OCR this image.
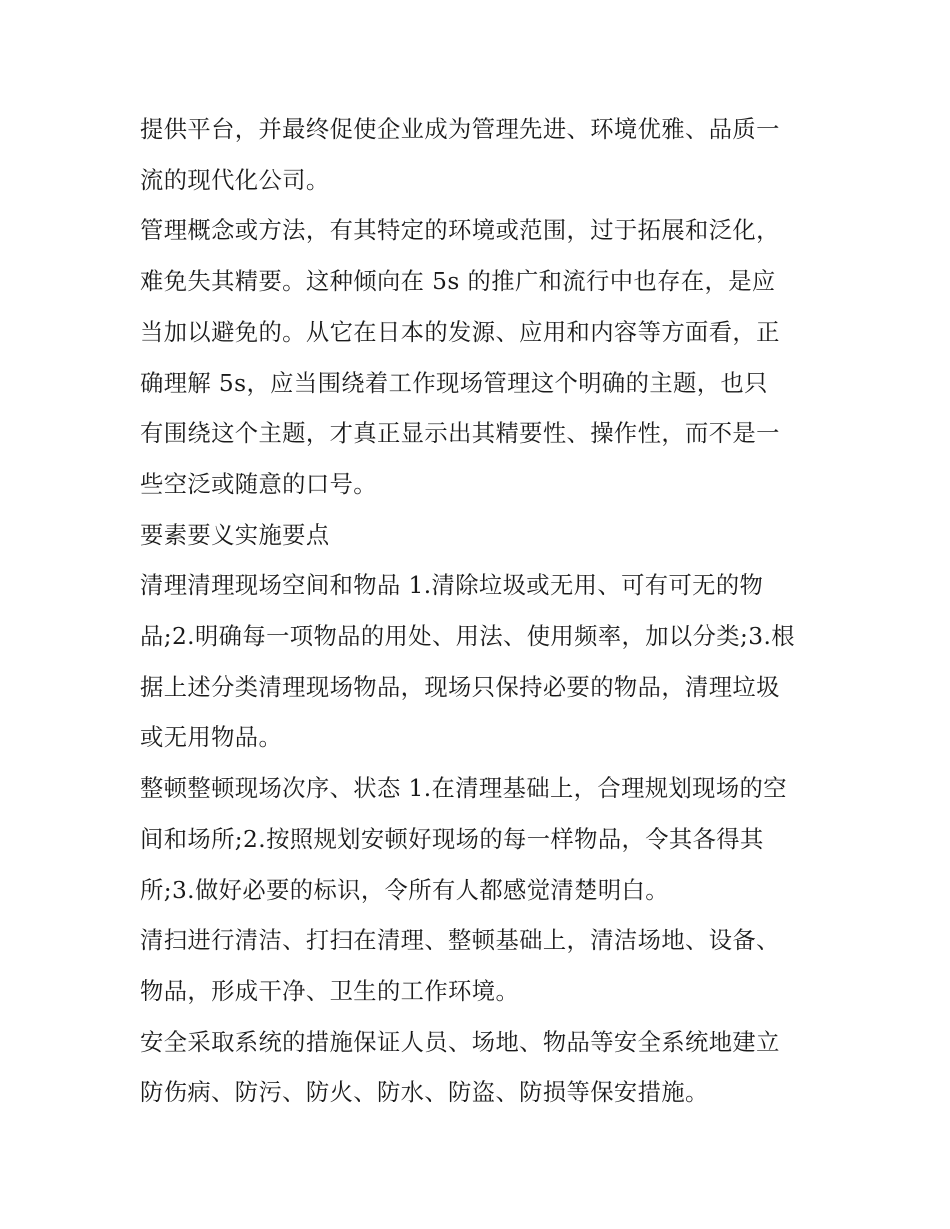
提供平台，并最终促使企业成为管理先进、环境优雅、品质一
流的现代化公司。

管理概念或方法，有其特定的环境或范围，过于拓展和泛化，
难免失其精要。这种倾向在 5s 的推广和流行中也存在，是应
当加以避免的。从它在日本的发源、应用和内容等方面看，正
确理解 5s，应当围绕着工作现场管理这个明确的主题，也只
有围绕这个主题，才真正显示出其精要性、操作性，而不是一
些空泛或随意的口号。

要素要义实施要点

清理清理现场空间和物品 1.清除垃圾或无用、可有可无的物
品;2.明确每一项物品的用处、用法、使用频率，加以分类;3.根
据上述分类清理现场物品，现场只保持必要的物品，清理垃圾
或无用物品。

整顿整顿现场次序、状态 1.在清理基础上，合理规划现场的空
间和场所;2.按照规划安顿好现场的每一样物品，令其各得其
所;3.做好必要的标识，令所有人都感觉清楚明白。

清扫进行清洁、打扫在清理、整顿基础上，清洁场地、设备、
物品，形成干净、卫生的工作环境。

安全采取系统的措施保证人员、场地、物品等安全系统地建立
防伤病、防污、防火、防水、防盗、防损等保安措施。
